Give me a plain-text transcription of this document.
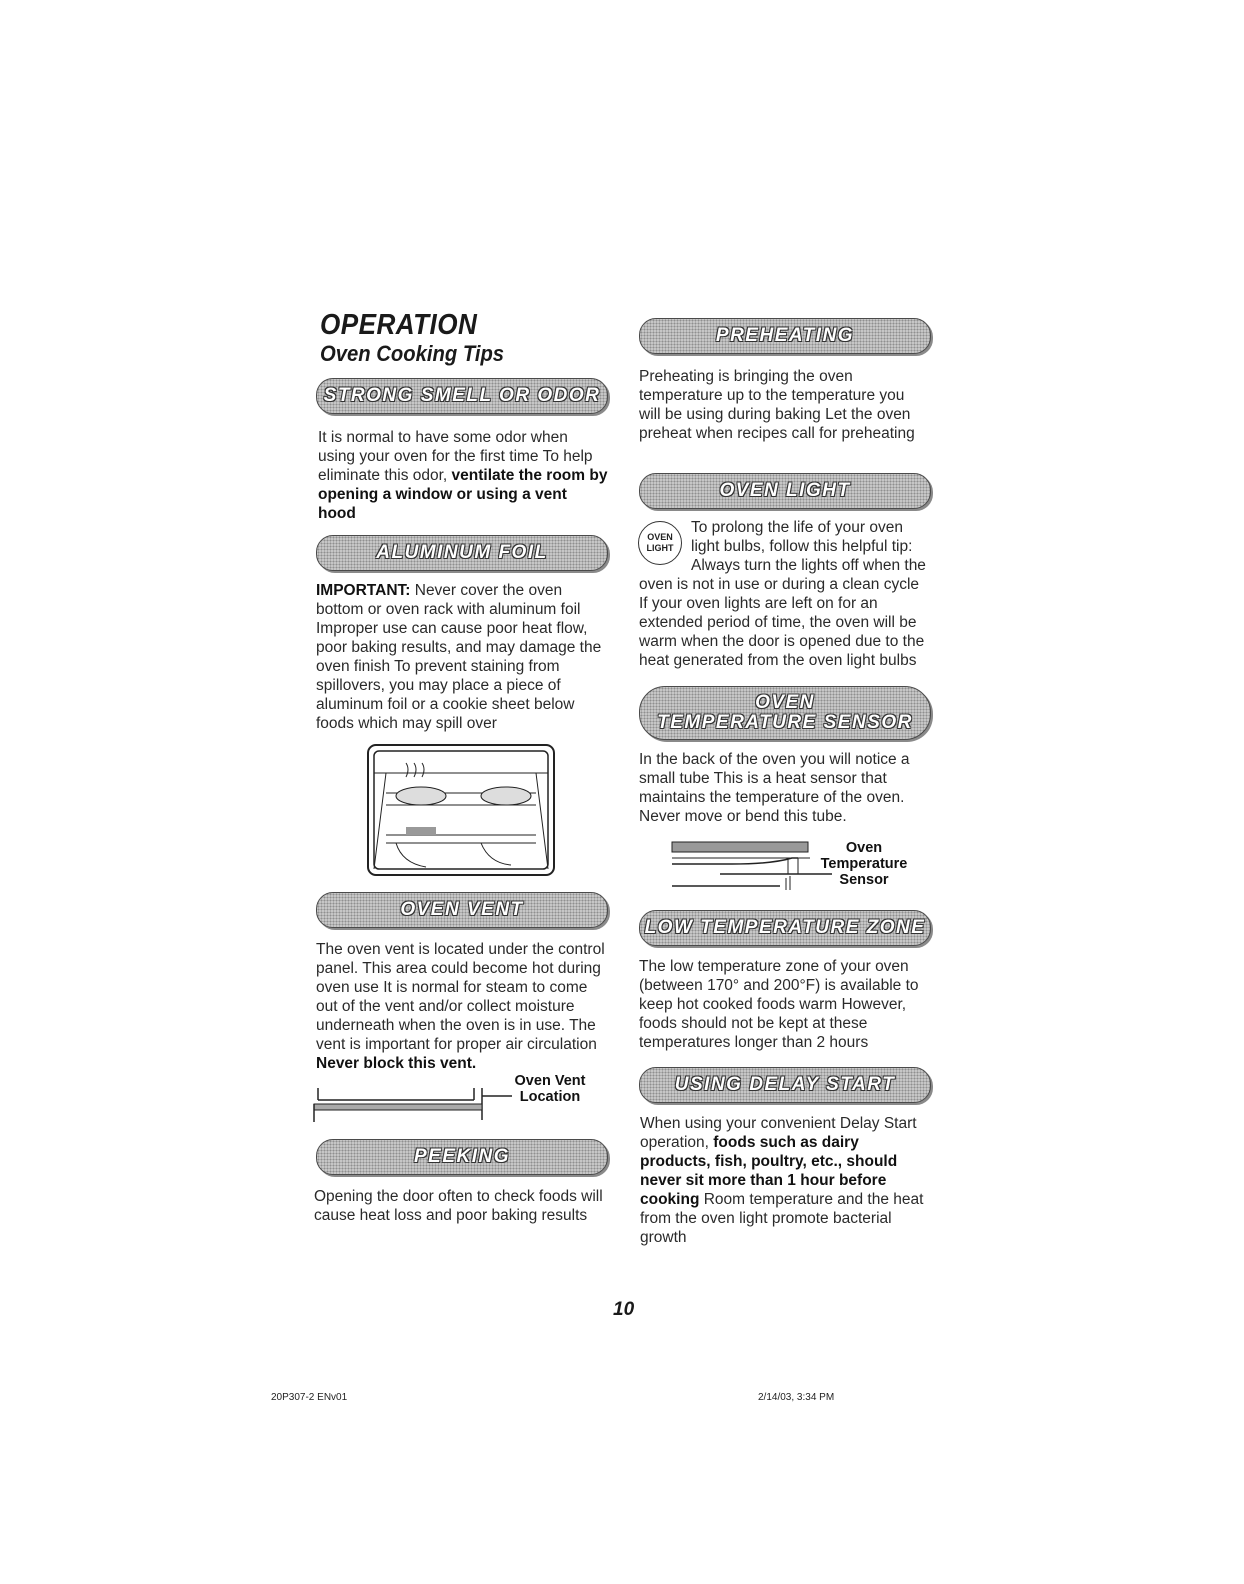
OPERATION
Oven Cooking Tips
STRONG SMELL OR ODOR
It is normal to have some odor when using your oven for the first time To help eliminate this odor, ventilate the room by opening a window or using a vent hood
ALUMINUM FOIL
IMPORTANT: Never cover the oven bottom or oven rack with aluminum foil Improper use can cause poor heat flow, poor baking results, and may damage the oven finish To prevent staining from spillovers, you may place a piece of aluminum foil or a cookie sheet below foods which may spill over
OVEN VENT
The oven vent is located under the control panel. This area could become hot during oven use It is normal for steam to come out of the vent and/or collect moisture underneath when the oven is in use. The vent is important for proper air circulation Never block this vent.
Oven Vent
Location
PEEKING
Opening the door often to check foods will cause heat loss and poor baking results
PREHEATING
Preheating is bringing the oven temperature up to the temperature you will be using during baking Let the oven preheat when recipes call for preheating
OVEN LIGHT
OVEN
LIGHT
To prolong the life of your oven light bulbs, follow this helpful tip: Always turn the lights off when the oven is not in use or during a clean cycle If your oven lights are left on for an extended period of time, the oven will be warm when the door is opened due to the heat generated from the oven light bulbs
OVEN
TEMPERATURE SENSOR
In the back of the oven you will notice a small tube This is a heat sensor that maintains the temperature of the oven. Never move or bend this tube.
Oven
Temperature
Sensor
LOW TEMPERATURE ZONE
The low temperature zone of your oven (between 170° and 200°F) is available to keep hot cooked foods warm However, foods should not be kept at these temperatures longer than 2 hours
USING DELAY START
When using your convenient Delay Start operation, foods such as dairy products, fish, poultry, etc., should never sit more than 1 hour before cooking Room temperature and the heat from the oven light promote bacterial growth
10
20P307-2 ENv01	2/14/03, 3:34 PM
